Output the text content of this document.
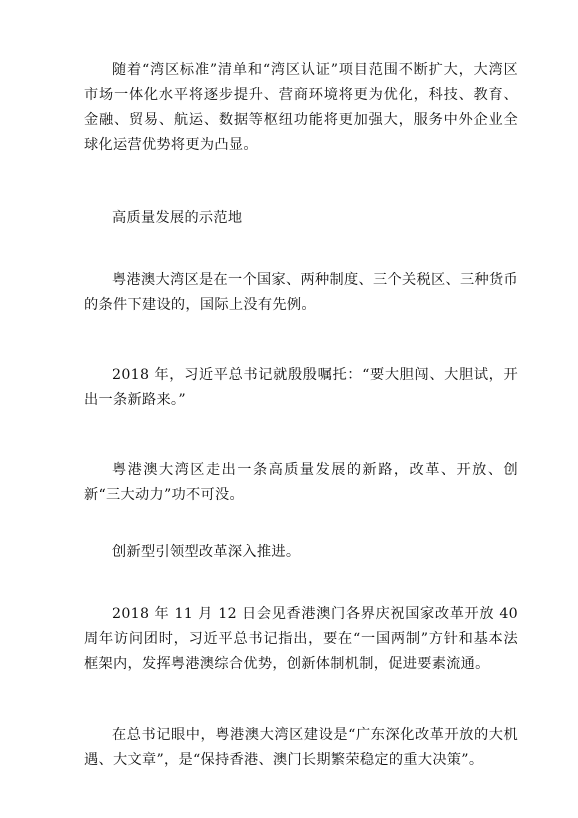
随着“湾区标准”清单和“湾区认证”项目范围不断扩大，大湾区市场一体化水平将逐步提升、营商环境将更为优化，科技、教育、金融、贸易、航运、数据等枢纽功能将更加强大，服务中外企业全球化运营优势将更为凸显。

高质量发展的示范地

粤港澳大湾区是在一个国家、两种制度、三个关税区、三种货币的条件下建设的，国际上没有先例。

2018 年，习近平总书记就殷殷嘱托：“要大胆闯、大胆试，开出一条新路来。”

粤港澳大湾区走出一条高质量发展的新路，改革、开放、创新“三大动力”功不可没。

创新型引领型改革深入推进。

2018 年 11 月 12 日会见香港澳门各界庆祝国家改革开放 40 周年访问团时，习近平总书记指出，要在“一国两制”方针和基本法框架内，发挥粤港澳综合优势，创新体制机制，促进要素流通。

在总书记眼中，粤港澳大湾区建设是“广东深化改革开放的大机遇、大文章”，是“保持香港、澳门长期繁荣稳定的重大决策”。
